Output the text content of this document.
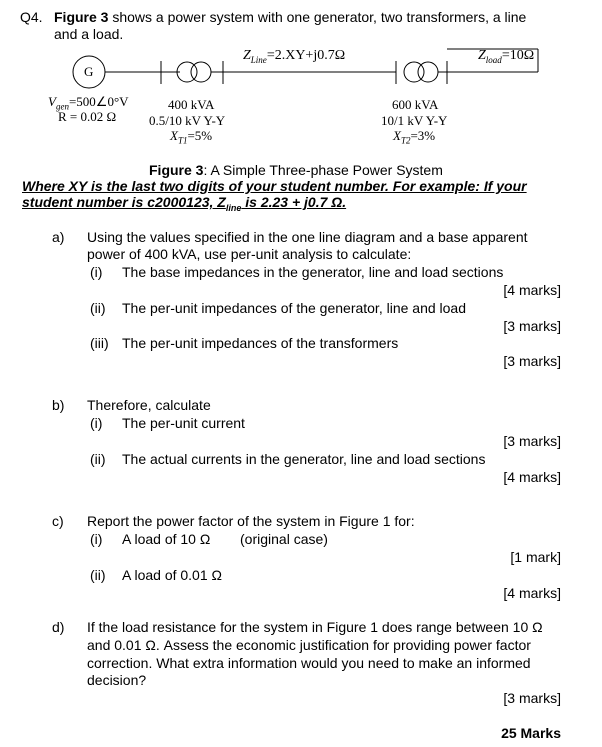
Q4. Figure 3 shows a power system with one generator, two transformers, a line
and a load.
G
$Z_{Line}=2.XY+j0.7\Omega$	$Z_{load}=10\Omega$
$V_{gen}=500\angle 0^\circ V$
R = 0.02 Ω
400 kVA
0.5/10 kV Y-Y
$X_{T1}=5\%$
600 kVA
10/1 kV Y-Y
$X_{T2}=3\%$
Figure 3: A Simple Three-phase Power System
Where XY is the last two digits of your student number. For example: If your
student number is c2000123, $Z_{line}$ is 2.23 + j0.7 Ω.
a) Using the values specified in the one line diagram and a base apparent
power of 400 kVA, use per-unit analysis to calculate:
(i) The base impedances in the generator, line and load sections
[4 marks]
(ii) The per-unit impedances of the generator, line and load
[3 marks]
(iii) The per-unit impedances of the transformers
[3 marks]
b) Therefore, calculate
(i) The per-unit current
[3 marks]
(ii) The actual currents in the generator, line and load sections
[4 marks]
c) Report the power factor of the system in Figure 1 for:
(i) A load of 10 Ω (original case)
[1 mark]
(ii) A load of 0.01 Ω
[4 marks]
d) If the load resistance for the system in Figure 1 does range between 10 Ω
and 0.01 Ω. Assess the economic justification for providing power factor
correction. What extra information would you need to make an informed
decision?
[3 marks]
25 Marks
